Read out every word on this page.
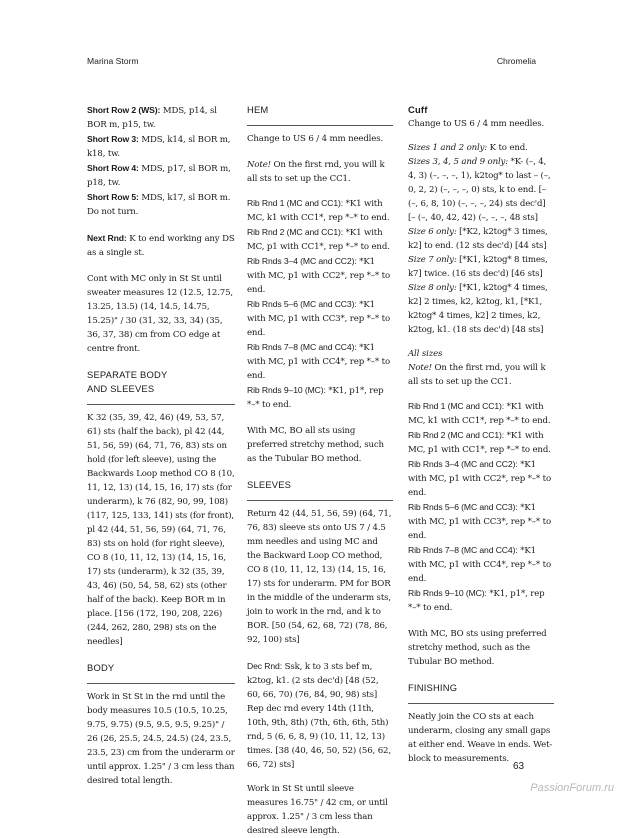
Marina Storm	Chromelia

Short Row 2 (WS): MDS, p14, sl BOR m, p15, tw.

Short Row 3: MDS, k14, sl BOR m, k18, tw.

Short Row 4: MDS, p17, sl BOR m, p18, tw.

Short Row 5: MDS, k17, sl BOR m. Do not turn.

Next Rnd: K to end working any DS as a single st.

Cont with MC only in St St until sweater measures 12 (12.5, 12.75, 13.25, 13.5) (14, 14.5, 14.75, 15.25)" / 30 (31, 32, 33, 34) (35, 36, 37, 38) cm from CO edge at centre front.

SEPARATE BODY
AND SLEEVES

K 32 (35, 39, 42, 46) (49, 53, 57, 61) sts (half the back), pl 42 (44, 51, 56, 59) (64, 71, 76, 83) sts on hold (for left sleeve), using the Backwards Loop method CO 8 (10, 11, 12, 13) (14, 15, 16, 17) sts (for underarm), k 76 (82, 90, 99, 108) (117, 125, 133, 141) sts (for front), pl 42 (44, 51, 56, 59) (64, 71, 76, 83) sts on hold (for right sleeve), CO 8 (10, 11, 12, 13) (14, 15, 16, 17) sts (underarm), k 32 (35, 39, 43, 46) (50, 54, 58, 62) sts (other half of the back). Keep BOR m in place. [156 (172, 190, 208, 226) (244, 262, 280, 298) sts on the needles]

BODY

Work in St St in the rnd until the body measures 10.5 (10.5, 10.25, 9.75, 9.75) (9.5, 9.5, 9.5, 9.25)" / 26 (26, 25.5, 24.5, 24.5) (24, 23.5, 23.5, 23) cm from the underarm or until approx. 1.25" / 3 cm less than desired total length.

HEM

Change to US 6 / 4 mm needles.

Note! On the first rnd, you will k all sts to set up the CC1.

Rib Rnd 1 (MC and CC1): *K1 with MC, k1 with CC1*, rep *–* to end.

Rib Rnd 2 (MC and CC1): *K1 with MC, p1 with CC1*, rep *–* to end.

Rib Rnds 3–4 (MC and CC2): *K1 with MC, p1 with CC2*, rep *–* to end.

Rib Rnds 5–6 (MC and CC3): *K1 with MC, p1 with CC3*, rep *–* to end.

Rib Rnds 7–8 (MC and CC4): *K1 with MC, p1 with CC4*, rep *–* to end.

Rib Rnds 9–10 (MC): *K1, p1*, rep *–* to end.

With MC, BO all sts using preferred stretchy method, such as the Tubular BO method.

SLEEVES

Return 42 (44, 51, 56, 59) (64, 71, 76, 83) sleeve sts onto US 7 / 4.5 mm needles and using MC and the Backward Loop CO method, CO 8 (10, 11, 12, 13) (14, 15, 16, 17) sts for underarm. PM for BOR in the middle of the underarm sts, join to work in the rnd, and k to BOR. [50 (54, 62, 68, 72) (78, 86, 92, 100) sts]

Dec Rnd: Ssk, k to 3 sts bef m, k2tog, k1. (2 sts dec'd) [48 (52, 60, 66, 70) (76, 84, 90, 98) sts]

Rep dec rnd every 14th (11th, 10th, 9th, 8th) (7th, 6th, 6th, 5th) rnd, 5 (6, 6, 8, 9) (10, 11, 12, 13) times. [38 (40, 46, 50, 52) (56, 62, 66, 72) sts]

Work in St St until sleeve measures 16.75" / 42 cm, or until approx. 1.25" / 3 cm less than desired sleeve length.

Cuff

Change to US 6 / 4 mm needles.

Sizes 1 and 2 only: K to end.

Sizes 3, 4, 5 and 9 only: *K- (–, 4, 4, 3) (–, –, –, 1), k2tog* to last – (–, 0, 2, 2) (–, –, –, 0) sts, k to end. [– (–, 6, 8, 10) (–, –, –, 24) sts dec'd] [– (–, 40, 42, 42) (–, –, –, 48 sts]

Size 6 only: [*K2, k2tog* 3 times, k2] to end. (12 sts dec'd) [44 sts]

Size 7 only: [*K1, k2tog* 8 times, k7] twice. (16 sts dec'd) [46 sts]

Size 8 only: [*K1, k2tog* 4 times, k2] 2 times, k2, k2tog, k1, [*K1, k2tog* 4 times, k2] 2 times, k2, k2tog, k1. (18 sts dec'd) [48 sts]

All sizes

Note! On the first rnd, you will k all sts to set up the CC1.

Rib Rnd 1 (MC and CC1): *K1 with MC, k1 with CC1*, rep *–* to end.

Rib Rnd 2 (MC and CC1): *K1 with MC, p1 with CC1*, rep *–* to end.

Rib Rnds 3–4 (MC and CC2): *K1 with MC, p1 with CC2*, rep *–* to end.

Rib Rnds 5–6 (MC and CC3): *K1 with MC, p1 with CC3*, rep *–* to end.

Rib Rnds 7–8 (MC and CC4): *K1 with MC, p1 with CC4*, rep *–* to end.

Rib Rnds 9–10 (MC): *K1, p1*, rep *–* to end.

With MC, BO sts using preferred stretchy method, such as the Tubular BO method.

FINISHING

Neatly join the CO sts at each underarm, closing any small gaps at either end. Weave in ends. Wet-block to measurements.

63
PassionForum.ru
